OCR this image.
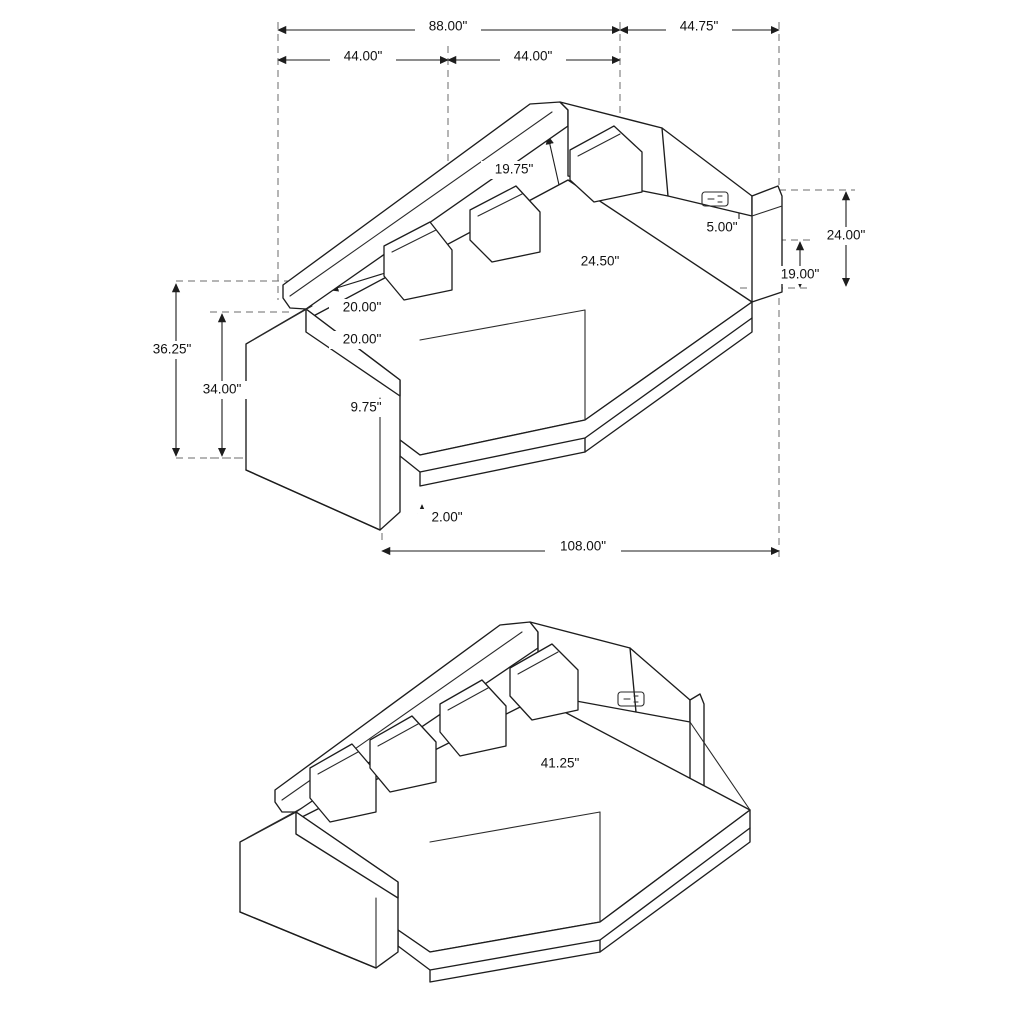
88.00"	44.75"
44.00"	44.00"
19.75"
5.00"
24.00"
24.50"
19.00"
20.00"
20.00"
36.25"
34.00"
9.75"
2.00"
108.00"
41.25"
